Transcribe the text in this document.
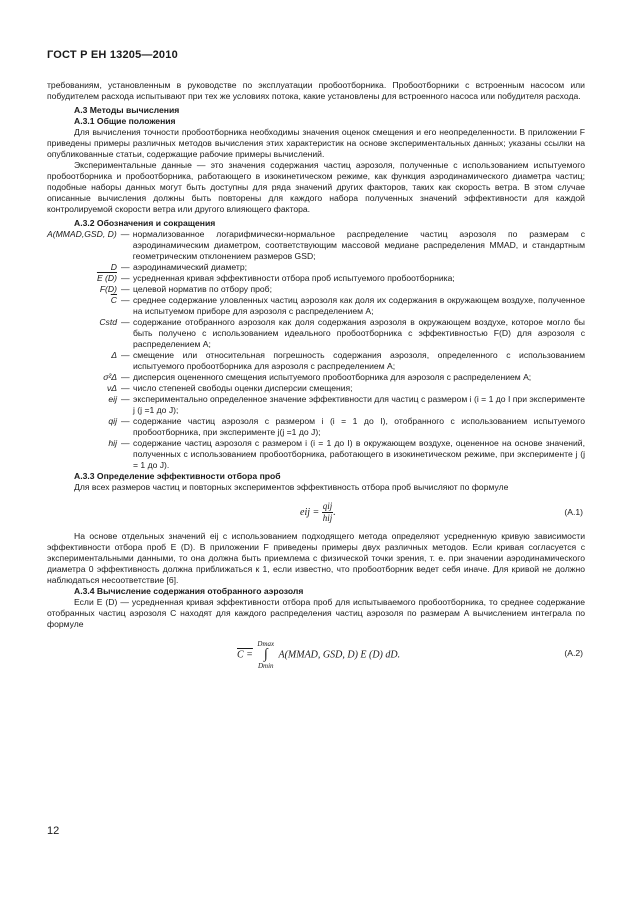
ГОСТ Р ЕН 13205—2010

требованиям, установленным в руководстве по эксплуатации пробоотборника. Пробоотборники с встроенным насосом или побудителем расхода испытывают при тех же условиях потока, какие установлены для встроенного насоса или побудителя расхода.

A.3 Методы вычисления
A.3.1 Общие положения

Для вычисления точности пробоотборника необходимы значения оценок смещения и его неопределенности. В приложении F приведены примеры различных методов вычисления этих характеристик на основе экспериментальных данных; указаны ссылки на опубликованные статьи, содержащие рабочие примеры вычислений.

Экспериментальные данные — это значения содержания частиц аэрозоля, полученные с использованием испытуемого пробоотборника и пробоотборника, работающего в изокинетическом режиме, как функция аэродинамического диаметра частиц; подобные наборы данных могут быть доступны для ряда значений других факторов, таких как скорость ветра. В этом случае описанные вычисления должны быть повторены для каждого набора полученных значений эффективности для каждой контролируемой скорости ветра или другого влияющего фактора.

A.3.2 Обозначения и сокращения
A(MMAD,GSD, D) — нормализованное логарифмически-нормальное распределение частиц аэрозоля по размерам с аэродинамическим диаметром, соответствующим массовой медиане распределения MMAD, и стандартным геометрическим отклонением размеров GSD;
D — аэродинамический диаметр;
E (D) — усредненная кривая эффективности отбора проб испытуемого пробоотборника;
F(D) — целевой норматив по отбору проб;
$\overline{C}$ — среднее содержание уловленных частиц аэрозоля как доля их содержания в окружающем воздухе, полученное на испытуемом приборе для аэрозоля с распределением A;
Cstd — содержание отобранного аэрозоля как доля содержания аэрозоля в окружающем воздухе, которое могло бы быть получено с использованием идеального пробоотборника с эффективностью F(D) для аэрозоля с распределением A;
Δ — смещение или относительная погрешность содержания аэрозоля, определенного с использованием испытуемого пробоотборника для аэрозоля с распределением A;
σ²Δ — дисперсия оцененного смещения испытуемого пробоотборника для аэрозоля с распределением A;
νΔ — число степеней свободы оценки дисперсии смещения;
eij — экспериментально определенное значение эффективности для частиц с размером i (i = 1 до I при эксперименте j (j =1 до J);
qij — содержание частиц аэрозоля с размером i (i = 1 до I), отобранного с использованием испытуемого пробоотборника, при эксперименте j(j =1 до J);
hij — содержание частиц аэрозоля с размером i (i = 1 до I) в окружающем воздухе, оцененное на основе значений, полученных с использованием пробоотборника, работающего в изокинетическом режиме, при эксперименте j (j = 1 до J).
A.3.3 Определение эффективности отбора проб

Для всех размеров частиц и повторных экспериментов эффективность отбора проб вычисляют по формуле

eij = $\frac{\text{qij}}{\text{hij}}$ .	(A.1)

На основе отдельных значений eij с использованием подходящего метода определяют усредненную кривую зависимости эффективности отбора проб E (D). В приложении F приведены примеры двух различных методов. Если кривая согласуется с экспериментальными данными, то она должна быть приемлема с физической точки зрения, т. е. при значении аэродинамического диаметра 0 эффективность должна приближаться к 1, если известно, что пробоотборник ведет себя иначе. Для кривой не должно наблюдаться несоответствие [6].

A.3.4 Вычисление содержания отобранного аэрозоля

Если E (D) — усредненная кривая эффективности отбора проб для испытываемого пробоотборника, то среднее содержание отобранных частиц аэрозоля C находят для каждого распределения частиц аэрозоля по размерам A вычислением интеграла по формуле

C = Dmax
∫
Dmin A(MMAD, GSD, D) E (D) dD.	(A.2)
12
